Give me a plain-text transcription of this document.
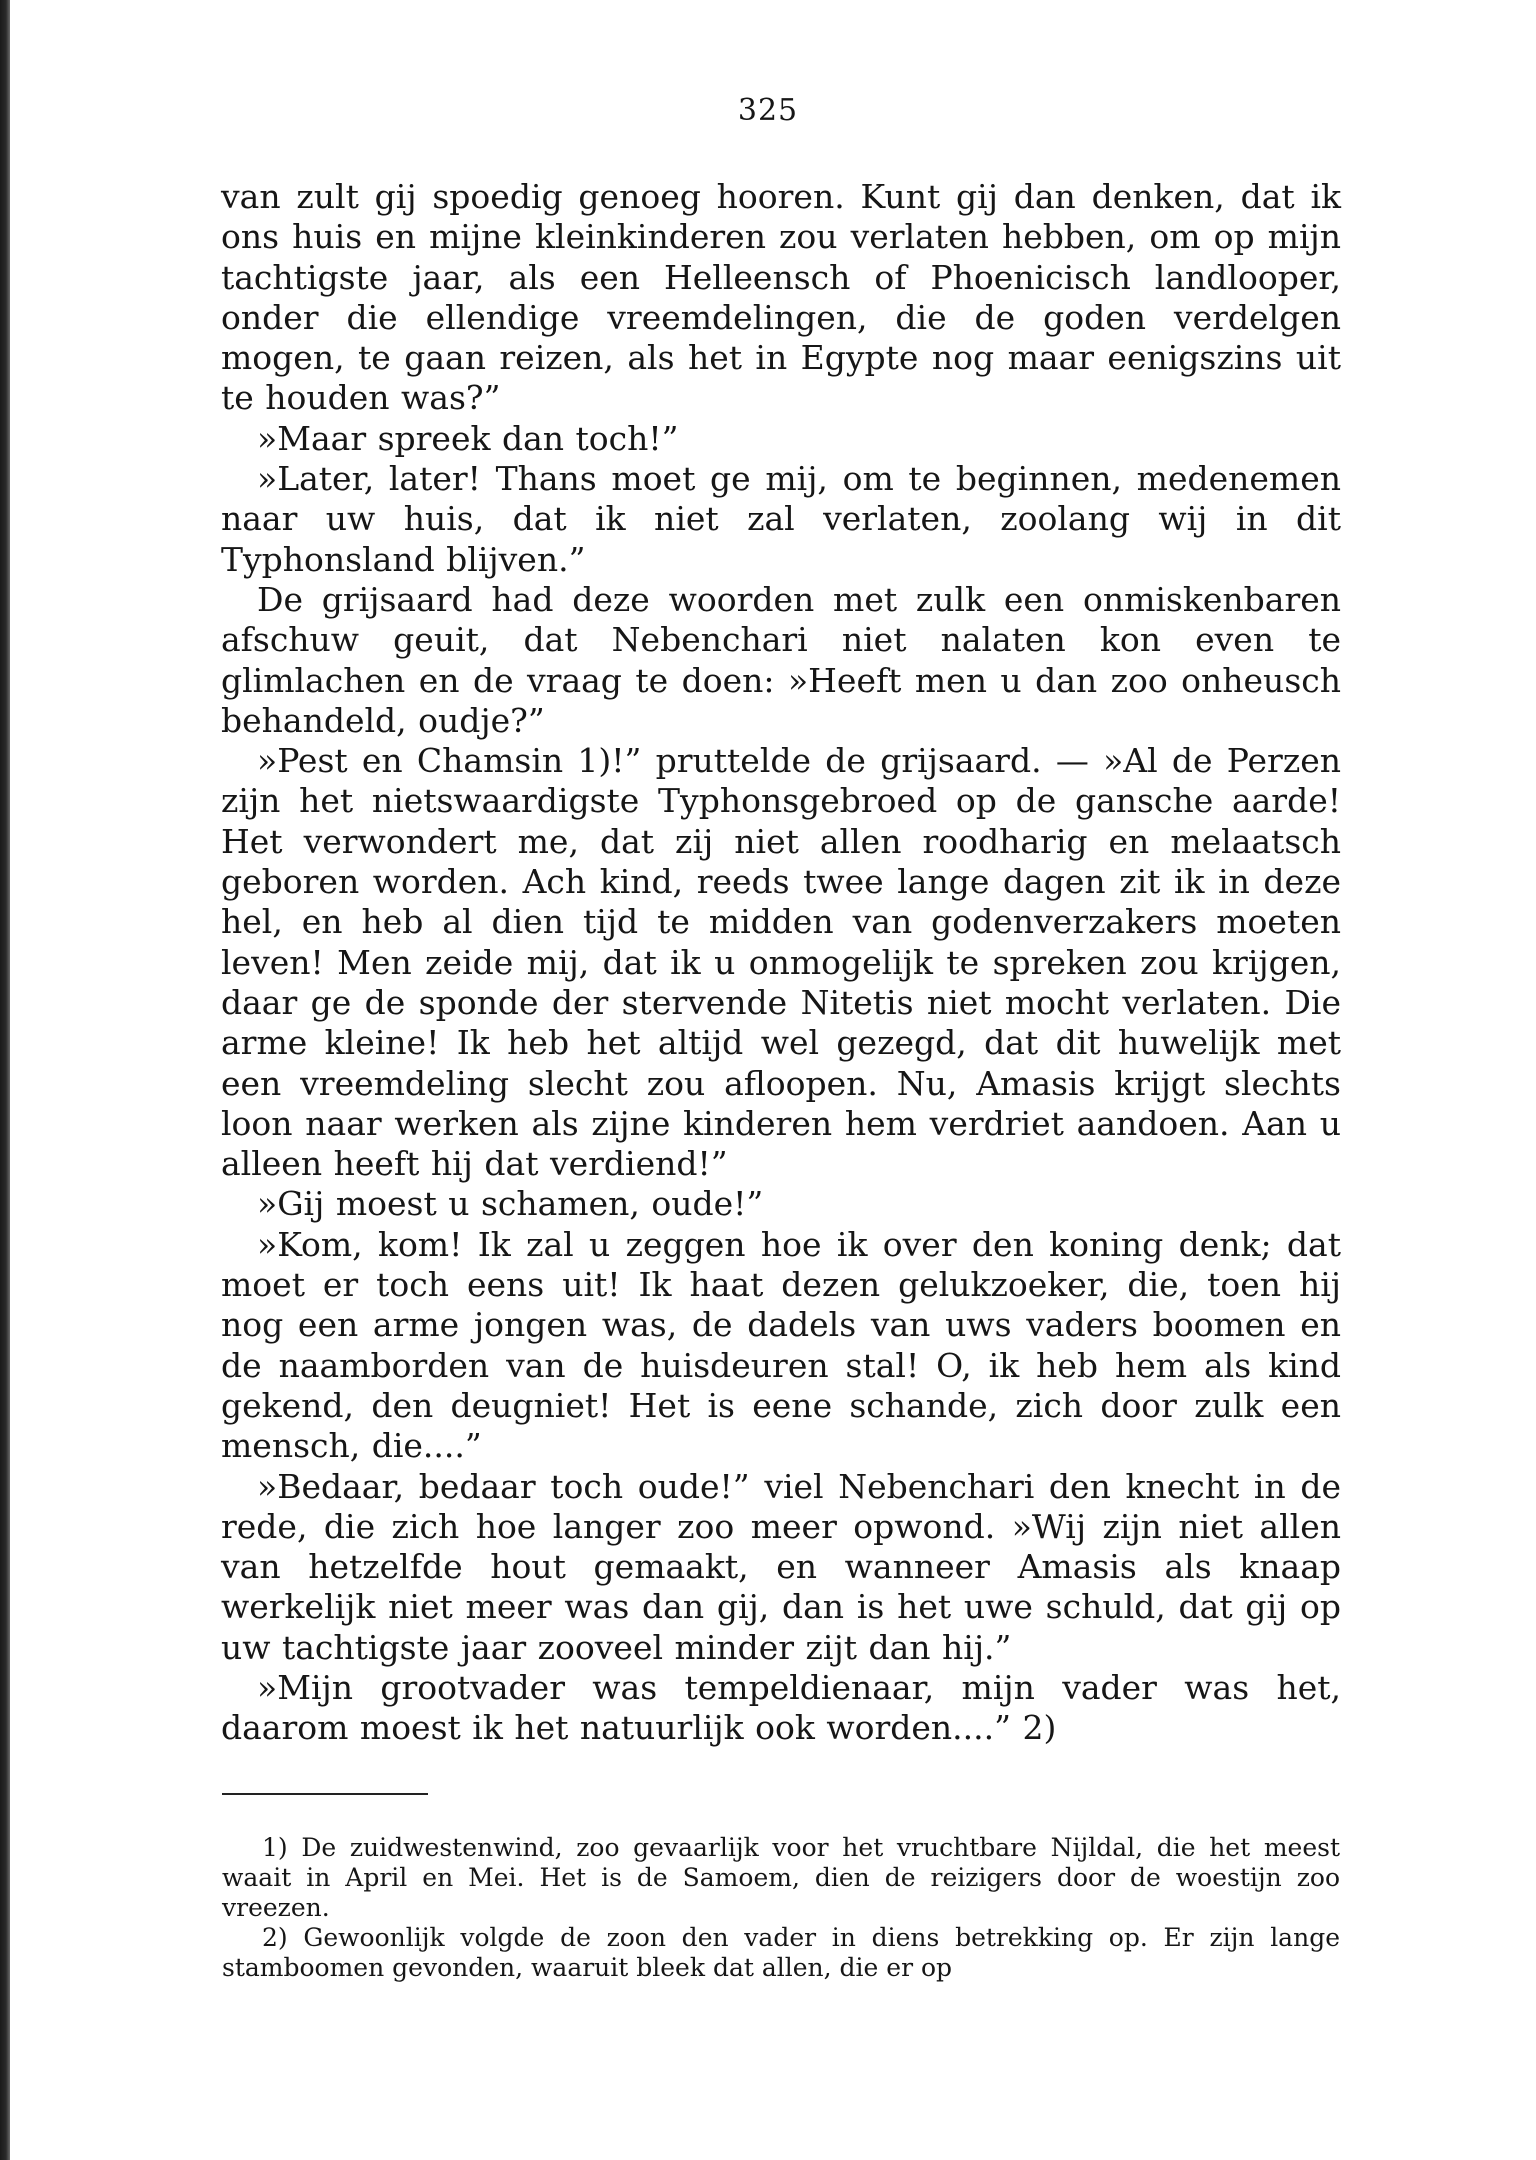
325

van zult gij spoedig genoeg hooren. Kunt gij dan denken, dat ik ons huis en mijne kleinkinderen zou verlaten hebben, om op mijn tachtigste jaar, als een Helleensch of Phoenicisch landlooper, onder die ellendige vreemdelingen, die de goden verdelgen mogen, te gaan reizen, als het in Egypte nog maar eenigszins uit te houden was?”

»Maar spreek dan toch!”

»Later, later! Thans moet ge mij, om te beginnen, medenemen naar uw huis, dat ik niet zal verlaten, zoolang wij in dit Typhonsland blijven.”

De grijsaard had deze woorden met zulk een onmiskenbaren afschuw geuit, dat Nebenchari niet nalaten kon even te glimlachen en de vraag te doen: »Heeft men u dan zoo onheusch behandeld, oudje?”

»Pest en Chamsin 1)!” pruttelde de grijsaard. — »Al de Perzen zijn het nietswaardigste Typhonsgebroed op de gansche aarde! Het verwondert me, dat zij niet allen roodharig en melaatsch geboren worden. Ach kind, reeds twee lange dagen zit ik in deze hel, en heb al dien tijd te midden van godenverzakers moeten leven! Men zeide mij, dat ik u onmogelijk te spreken zou krijgen, daar ge de sponde der stervende Nitetis niet mocht verlaten. Die arme kleine! Ik heb het altijd wel gezegd, dat dit huwelijk met een vreemdeling slecht zou afloopen. Nu, Amasis krijgt slechts loon naar werken als zijne kinderen hem verdriet aandoen. Aan u alleen heeft hij dat verdiend!”

»Gij moest u schamen, oude!”

»Kom, kom! Ik zal u zeggen hoe ik over den koning denk; dat moet er toch eens uit! Ik haat dezen gelukzoeker, die, toen hij nog een arme jongen was, de dadels van uws vaders boomen en de naamborden van de huisdeuren stal! O, ik heb hem als kind gekend, den deugniet! Het is eene schande, zich door zulk een mensch, die....”

»Bedaar, bedaar toch oude!” viel Nebenchari den knecht in de rede, die zich hoe langer zoo meer opwond. »Wij zijn niet allen van hetzelfde hout gemaakt, en wanneer Amasis als knaap werkelijk niet meer was dan gij, dan is het uwe schuld, dat gij op uw tachtigste jaar zooveel minder zijt dan hij.”

»Mijn grootvader was tempeldienaar, mijn vader was het, daarom moest ik het natuurlijk ook worden....” 2)

1) De zuidwestenwind, zoo gevaarlijk voor het vruchtbare Nijldal, die het meest waait in April en Mei. Het is de Samoem, dien de reizigers door de woestijn zoo vreezen.

2) Gewoonlijk volgde de zoon den vader in diens betrekking op. Er zijn lange stamboomen gevonden, waaruit bleek dat allen, die er op
